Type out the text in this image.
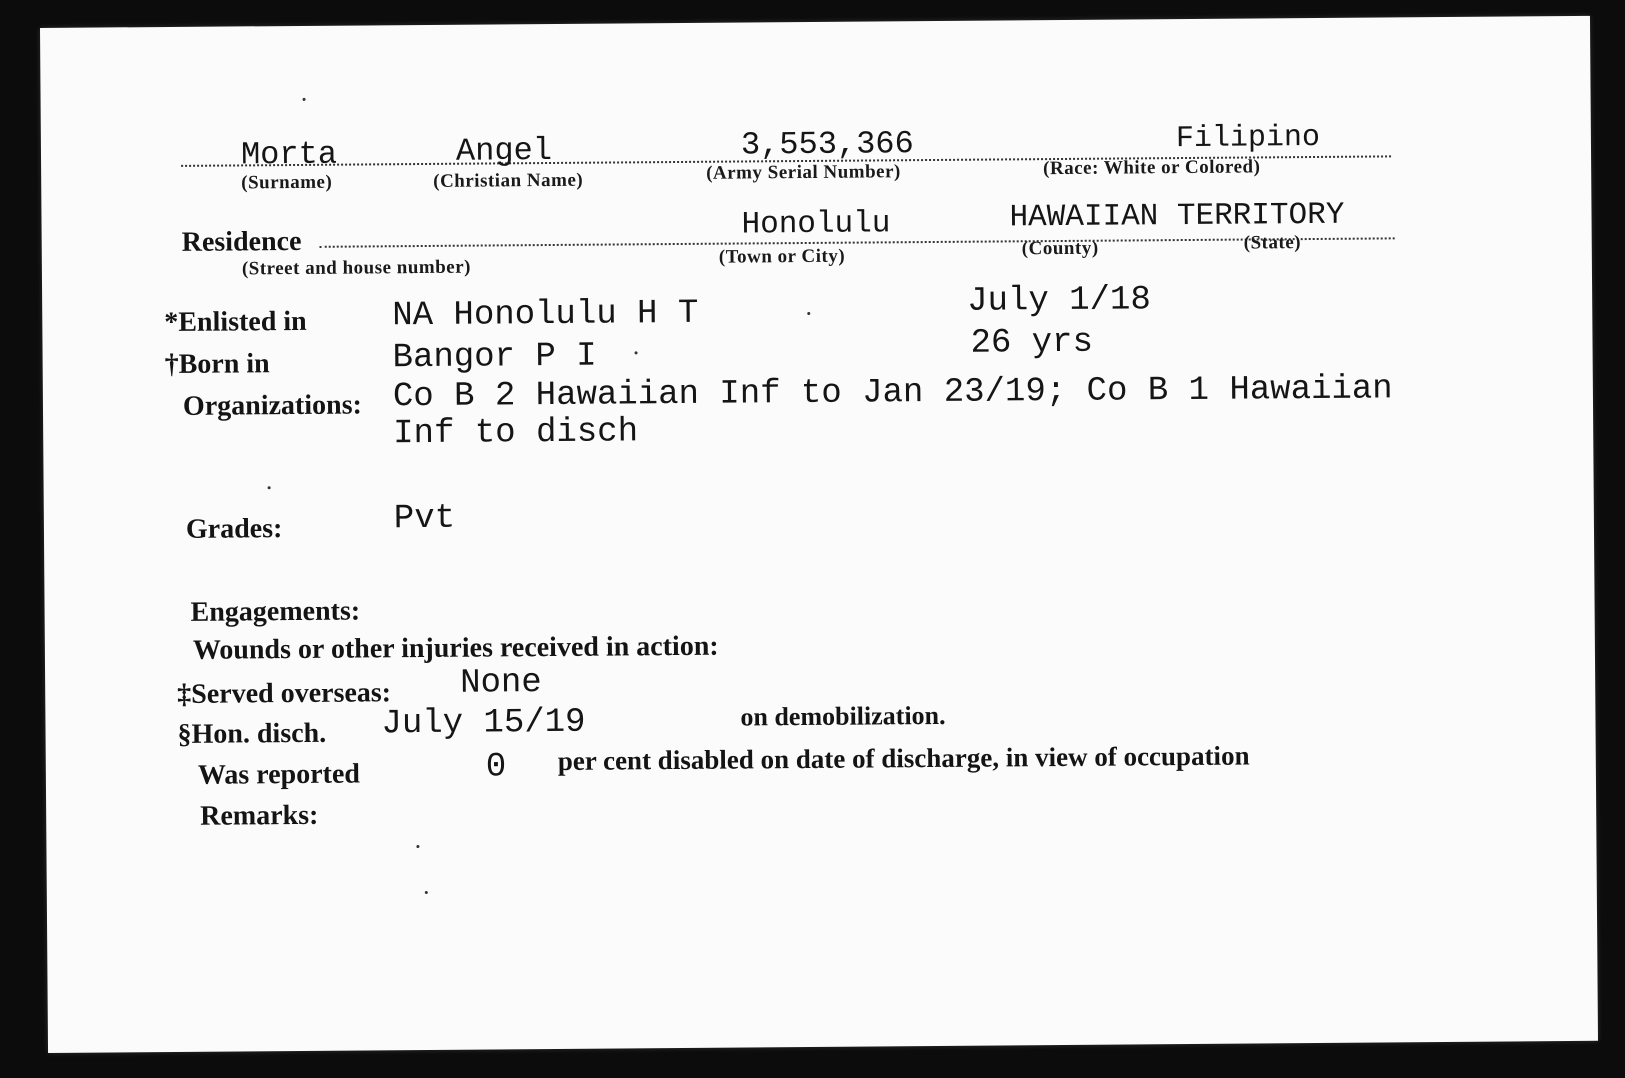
Morta
(Surname)
Angel
(Christian Name)
3,553,366
(Army Serial Number)
Filipino
(Race: White or Colored)
Residence
(Street and house number)
Honolulu
(Town or City)
HAWAIIAN TERRITORY
(County)	(State)
*Enlisted in	NA Honolulu H T	July 1/18
†Born in	Bangor P I	26 yrs
Organizations: Co B 2 Hawaiian Inf to Jan 23/19; Co B 1 Hawaiian
Inf to disch
Grades:	Pvt
Engagements:
Wounds or other injuries received in action:
‡Served overseas: None
§Hon. disch. July 15/19	on demobilization.
Was reported	0 per cent disabled on date of discharge, in view of occupation
Remarks:
